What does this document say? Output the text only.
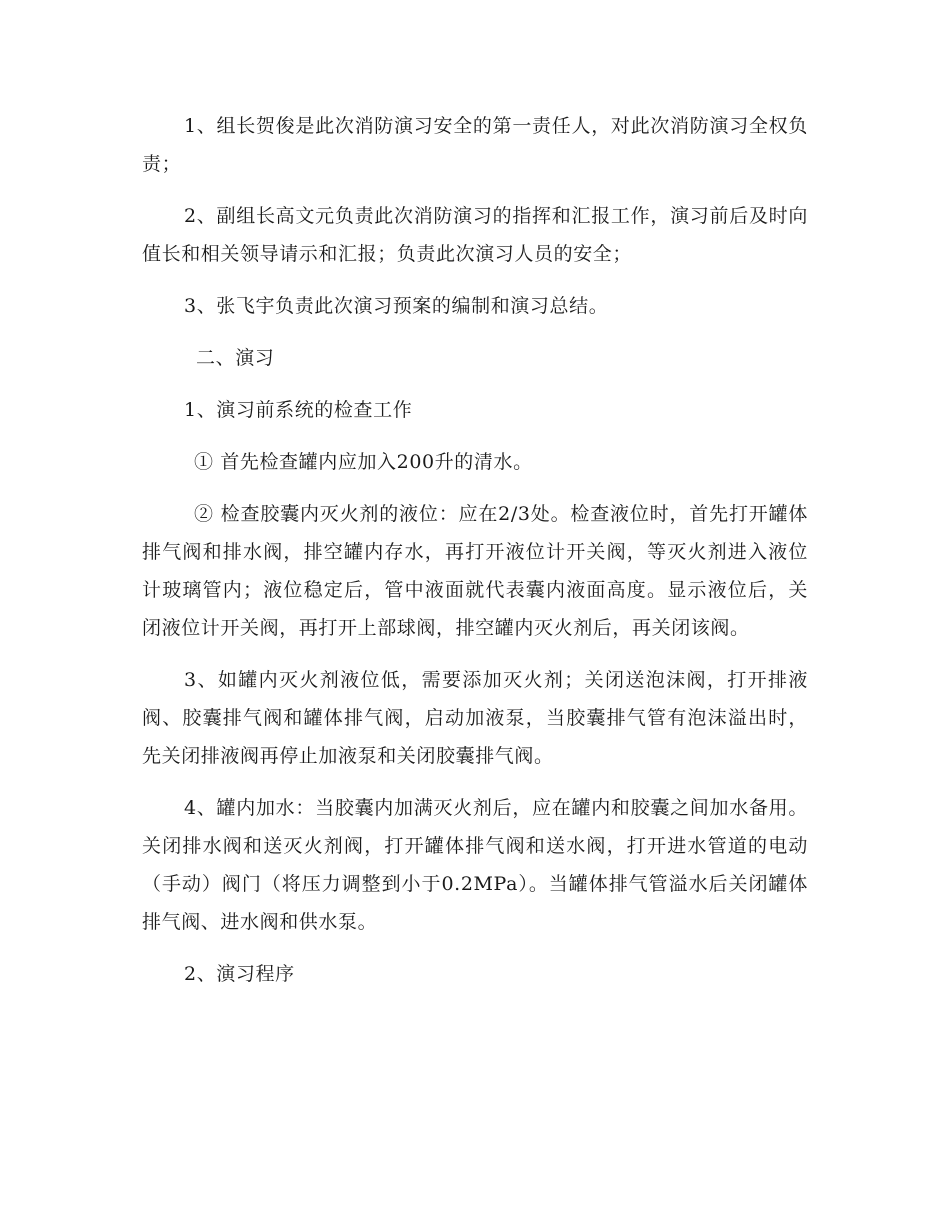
1、组长贺俊是此次消防演习安全的第一责任人，对此次消防演习全权负责；

2、副组长高文元负责此次消防演习的指挥和汇报工作，演习前后及时向值长和相关领导请示和汇报；负责此次演习人员的安全；

3、张飞宇负责此次演习预案的编制和演习总结。

二、演习

1、演习前系统的检查工作

① 首先检查罐内应加入200升的清水。

② 检查胶囊内灭火剂的液位：应在2/3处。检查液位时，首先打开罐体排气阀和排水阀，排空罐内存水，再打开液位计开关阀，等灭火剂进入液位计玻璃管内；液位稳定后，管中液面就代表囊内液面高度。显示液位后，关闭液位计开关阀，再打开上部球阀，排空罐内灭火剂后，再关闭该阀。

3、如罐内灭火剂液位低，需要添加灭火剂；关闭送泡沫阀，打开排液阀、胶囊排气阀和罐体排气阀，启动加液泵，当胶囊排气管有泡沫溢出时，先关闭排液阀再停止加液泵和关闭胶囊排气阀。

4、罐内加水：当胶囊内加满灭火剂后，应在罐内和胶囊之间加水备用。关闭排水阀和送灭火剂阀，打开罐体排气阀和送水阀，打开进水管道的电动（手动）阀门（将压力调整到小于0.2MPa）。当罐体排气管溢水后关闭罐体排气阀、进水阀和供水泵。

2、演习程序
